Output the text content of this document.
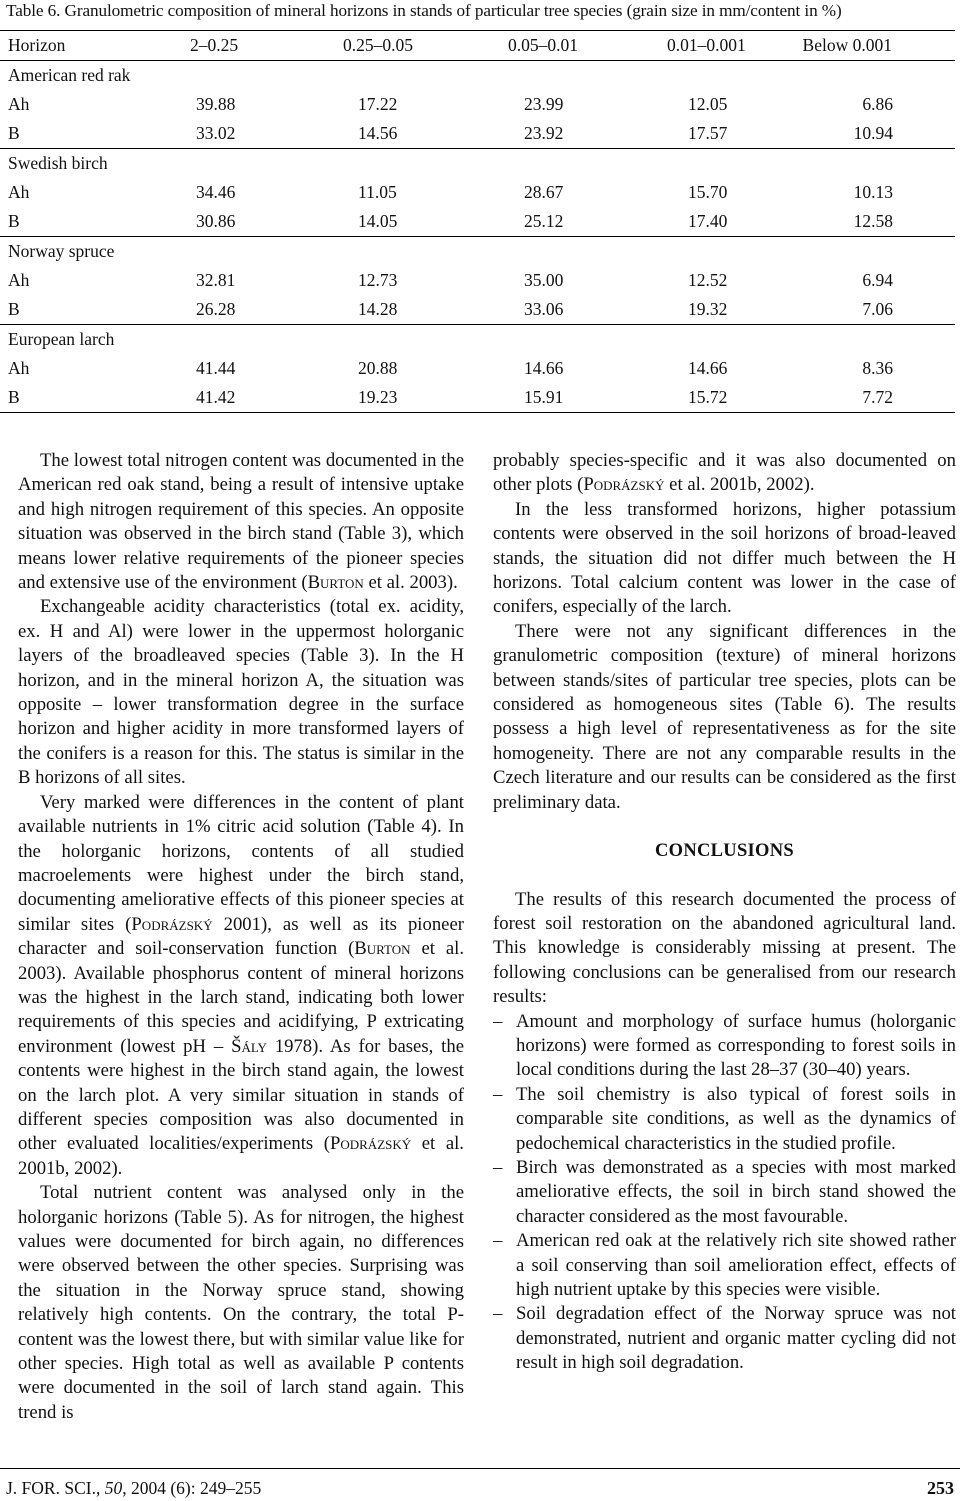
Table 6. Granulometric composition of mineral horizons in stands of particular tree species (grain size in mm/content in %)
Horizon	2–0.25	0.25–0.05	0.05–0.01	0.01–0.001	Below 0.001
American red rak
Ah	39.88	17.22	23.99	12.05	6.86
B	33.02	14.56	23.92	17.57	10.94
Swedish birch
Ah	34.46	11.05	28.67	15.70	10.13
B	30.86	14.05	25.12	17.40	12.58
Norway spruce
Ah	32.81	12.73	35.00	12.52	6.94
B	26.28	14.28	33.06	19.32	7.06
European larch
Ah	41.44	20.88	14.66	14.66	8.36
B	41.42	19.23	15.91	15.72	7.72

The lowest total nitrogen content was documented in the American red oak stand, being a result of intensive uptake and high nitrogen requirement of this species. An opposite situation was observed in the birch stand (Table 3), which means lower relative requirements of the pioneer species and extensive use of the environment (Burton et al. 2003).

Exchangeable acidity characteristics (total ex. acidity, ex. H and Al) were lower in the uppermost holorganic layers of the broadleaved species (Table 3). In the H horizon, and in the mineral horizon A, the situation was opposite – lower transformation degree in the surface horizon and higher acidity in more transformed layers of the conifers is a reason for this. The status is similar in the B horizons of all sites.

Very marked were differences in the content of plant available nutrients in 1% citric acid solution (Table 4). In the holorganic horizons, contents of all studied macroelements were highest under the birch stand, documenting ameliorative effects of this pioneer species at similar sites (Podrázský 2001), as well as its pioneer character and soil-conservation function (Burton et al. 2003). Available phosphorus content of mineral horizons was the highest in the larch stand, indicating both lower requirements of this species and acidifying, P extricating environment (lowest pH – Šály 1978). As for bases, the contents were highest in the birch stand again, the lowest on the larch plot. A very similar situation in stands of different species composition was also documented in other evaluated localities/experiments (Podrázský et al. 2001b, 2002).

Total nutrient content was analysed only in the holorganic horizons (Table 5). As for nitrogen, the highest values were documented for birch again, no differences were observed between the other species. Surprising was the situation in the Norway spruce stand, showing relatively high contents. On the contrary, the total P-content was the lowest there, but with similar value like for other species. High total as well as available P contents were documented in the soil of larch stand again. This trend is

probably species-specific and it was also documented on other plots (Podrázský et al. 2001b, 2002).

In the less transformed horizons, higher potassium contents were observed in the soil horizons of broad-leaved stands, the situation did not differ much between the H horizons. Total calcium content was lower in the case of conifers, especially of the larch.

There were not any significant differences in the granulometric composition (texture) of mineral horizons between stands/sites of particular tree species, plots can be considered as homogeneous sites (Table 6). The results possess a high level of representativeness as for the site homogeneity. There are not any comparable results in the Czech literature and our results can be considered as the first preliminary data.

CONCLUSIONS

The results of this research documented the process of forest soil restoration on the abandoned agricultural land. This knowledge is considerably missing at present. The following conclusions can be generalised from our research results:

– Amount and morphology of surface humus (holorganic horizons) were formed as corresponding to forest soils in local conditions during the last 28–37 (30–40) years.
– The soil chemistry is also typical of forest soils in comparable site conditions, as well as the dynamics of pedochemical characteristics in the studied profile.
– Birch was demonstrated as a species with most marked ameliorative effects, the soil in birch stand showed the character considered as the most favourable.
– American red oak at the relatively rich site showed rather a soil conserving than soil amelioration effect, effects of high nutrient uptake by this species were visible.
– Soil degradation effect of the Norway spruce was not demonstrated, nutrient and organic matter cycling did not result in high soil degradation.
J. FOR. SCI., 50, 2004 (6): 249–255	253
